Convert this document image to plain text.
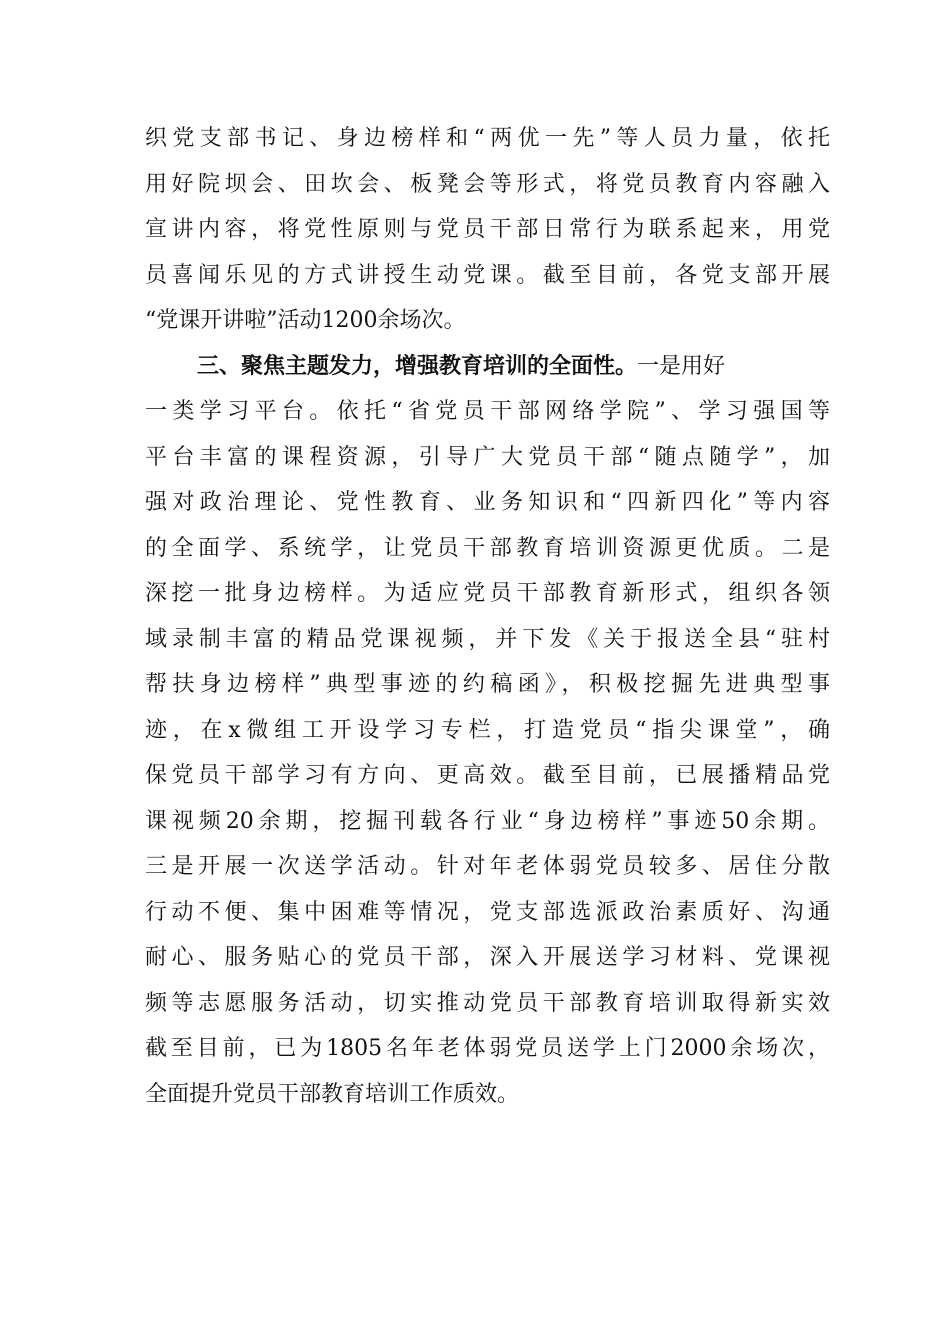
织党支部书记、身边榜样和“两优一先”等人员力量，依托
用好院坝会、田坎会、板凳会等形式，将党员教育内容融入
宣讲内容，将党性原则与党员干部日常行为联系起来，用党
员喜闻乐见的方式讲授生动党课。截至目前，各党支部开展
“党课开讲啦”活动1200余场次。
三、聚焦主题发力，增强教育培训的全面性。一是用好
一类学习平台。依托“省党员干部网络学院”、学习强国等
平台丰富的课程资源，引导广大党员干部“随点随学”，加
强对政治理论、党性教育、业务知识和“四新四化”等内容
的全面学、系统学，让党员干部教育培训资源更优质。二是
深挖一批身边榜样。为适应党员干部教育新形式，组织各领
域录制丰富的精品党课视频，并下发《关于报送全县“驻村
帮扶身边榜样”典型事迹的约稿函》，积极挖掘先进典型事
迹，在x微组工开设学习专栏，打造党员“指尖课堂”，确
保党员干部学习有方向、更高效。截至目前，已展播精品党
课视频20余期，挖掘刊载各行业“身边榜样”事迹50余期。
三是开展一次送学活动。针对年老体弱党员较多、居住分散
行动不便、集中困难等情况，党支部选派政治素质好、沟通
耐心、服务贴心的党员干部，深入开展送学习材料、党课视
频等志愿服务活动，切实推动党员干部教育培训取得新实效
截至目前，已为1805名年老体弱党员送学上门2000余场次，
全面提升党员干部教育培训工作质效。
